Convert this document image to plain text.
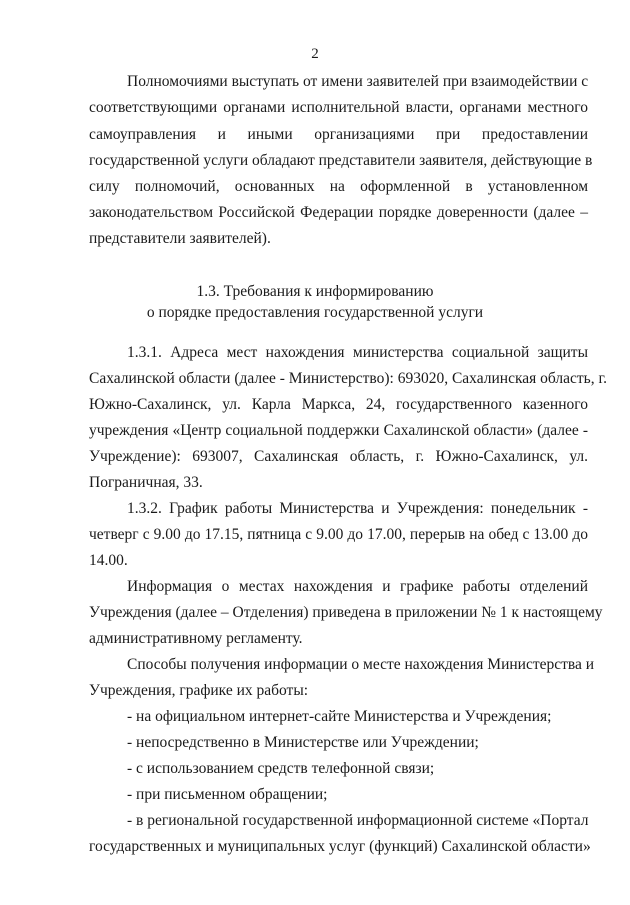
2
Полномочиями выступать от имени заявителей при взаимодействии с
соответствующими органами исполнительной власти, органами местного
самоуправления и иными организациями при предоставлении
государственной услуги обладают представители заявителя, действующие в
силу полномочий, основанных на оформленной в установленном
законодательством Российской Федерации порядке доверенности (далее –
представители заявителей).
1.3. Требования к информированию
о порядке предоставления государственной услуги
1.3.1. Адреса мест нахождения министерства социальной защиты
Сахалинской области (далее - Министерство): 693020, Сахалинская область, г.
Южно-Сахалинск, ул. Карла Маркса, 24, государственного казенного
учреждения «Центр социальной поддержки Сахалинской области» (далее -
Учреждение): 693007, Сахалинская область, г. Южно-Сахалинск, ул.
Пограничная, 33.
1.3.2. График работы Министерства и Учреждения: понедельник -
четверг с 9.00 до 17.15, пятница с 9.00 до 17.00, перерыв на обед с 13.00 до
14.00.
Информация о местах нахождения и графике работы отделений
Учреждения (далее – Отделения) приведена в приложении № 1 к настоящему
административному регламенту.
Способы получения информации о месте нахождения Министерства и
Учреждения, графике их работы:
- на официальном интернет-сайте Министерства и Учреждения;
- непосредственно в Министерстве или Учреждении;
- с использованием средств телефонной связи;
- при письменном обращении;
- в региональной государственной информационной системе «Портал
государственных и муниципальных услуг (функций) Сахалинской области»
